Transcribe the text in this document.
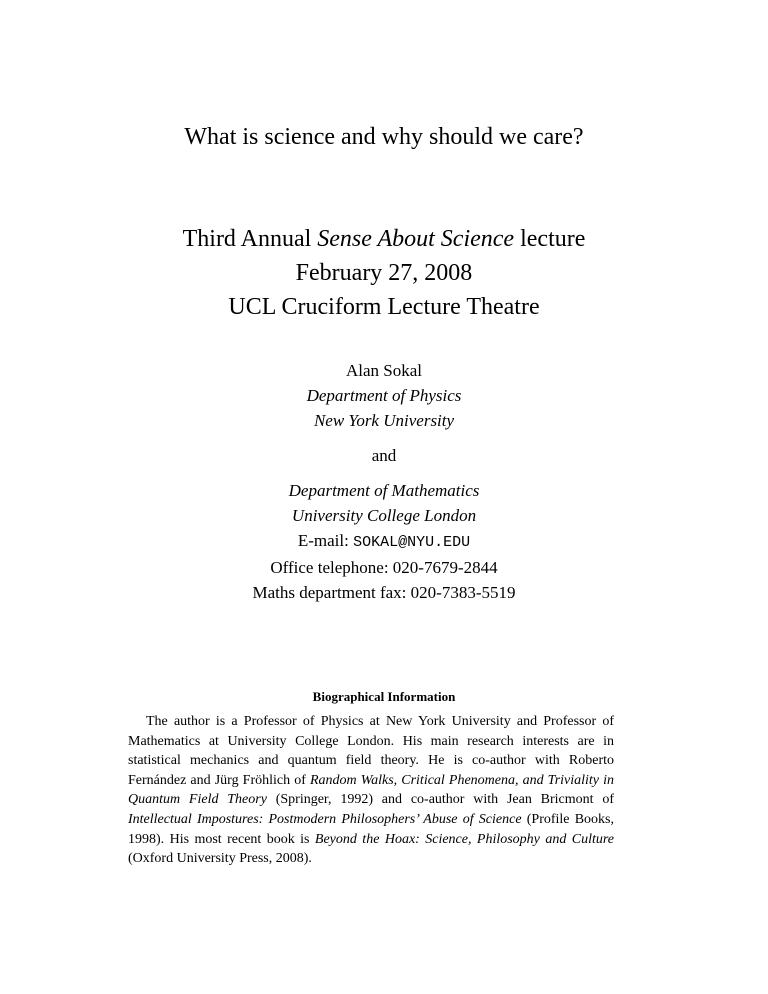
What is science and why should we care?
Third Annual Sense About Science lecture
February 27, 2008
UCL Cruciform Lecture Theatre
Alan Sokal
Department of Physics
New York University
and
Department of Mathematics
University College London
E-mail: SOKAL@NYU.EDU
Office telephone: 020-7679-2844
Maths department fax: 020-7383-5519
Biographical Information

The author is a Professor of Physics at New York University and Professor of Mathematics at University College London. His main research interests are in statistical mechanics and quantum field theory. He is co-author with Roberto Fernández and Jürg Fröhlich of Random Walks, Critical Phenomena, and Triviality in Quantum Field Theory (Springer, 1992) and co-author with Jean Bricmont of Intellectual Impostures: Postmodern Philosophers’ Abuse of Science (Profile Books, 1998). His most recent book is Beyond the Hoax: Science, Philosophy and Culture (Oxford University Press, 2008).
